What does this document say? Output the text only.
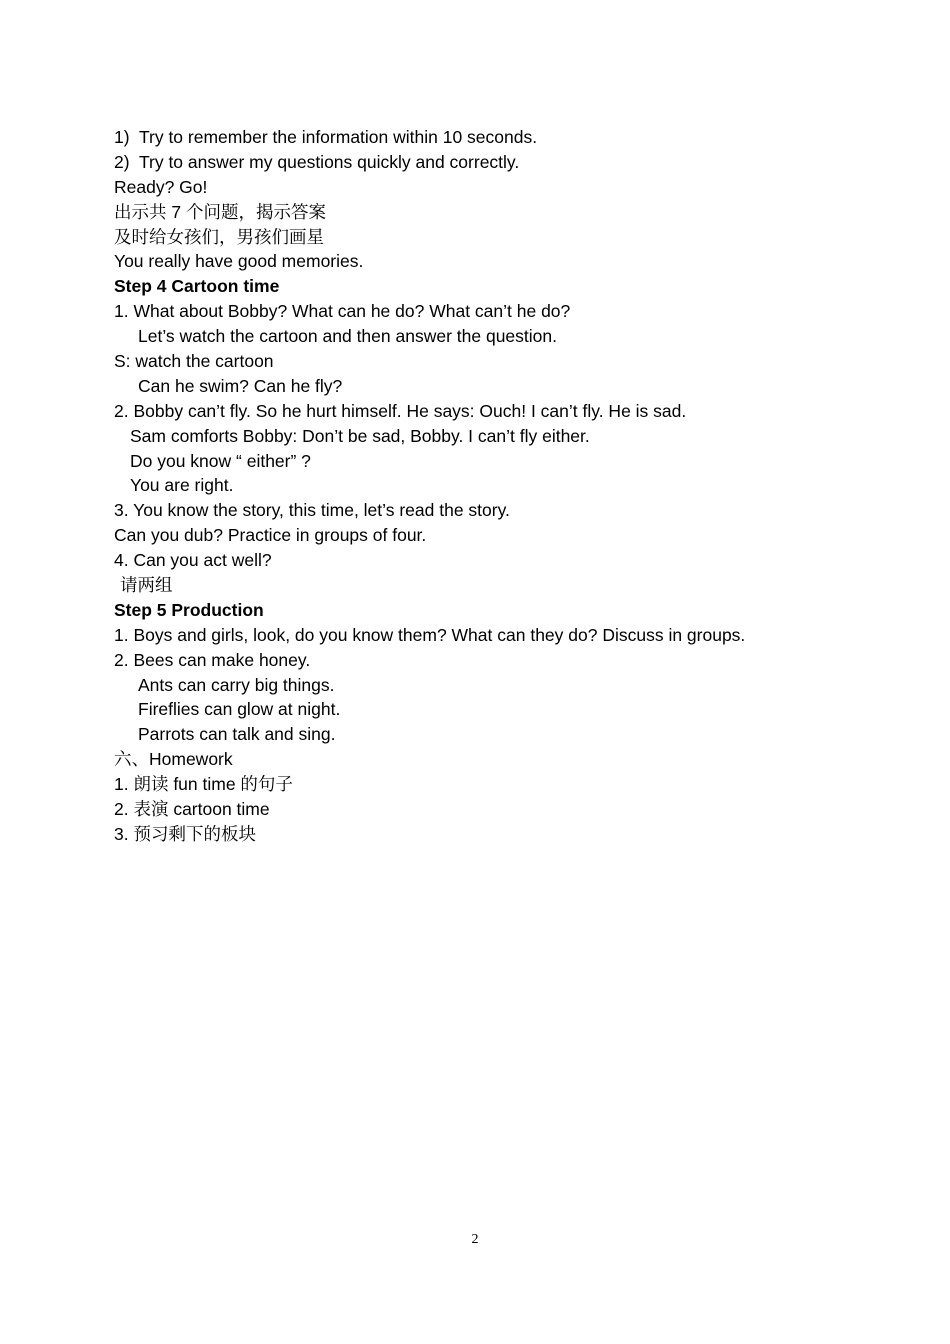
1)  Try to remember the information within 10 seconds.
2)  Try to answer my questions quickly and correctly.
Ready? Go!
出示共 7 个问题，揭示答案
及时给女孩们，男孩们画星
You really have good memories.
Step 4 Cartoon time
1. What about Bobby? What can he do? What can’t he do?
Let’s watch the cartoon and then answer the question.
S: watch the cartoon
Can he swim? Can he fly?
2. Bobby can’t fly. So he hurt himself. He says: Ouch! I can’t fly. He is sad.
Sam comforts Bobby: Don’t be sad, Bobby. I can’t fly either.
Do you know “ either” ?
You are right.
3. You know the story, this time, let’s read the story.
Can you dub? Practice in groups of four.
4. Can you act well?
请两组
Step 5 Production
1. Boys and girls, look, do you know them? What can they do? Discuss in groups.
2. Bees can make honey.
Ants can carry big things.
Fireflies can glow at night.
Parrots can talk and sing.
六、Homework
1. 朗读 fun time 的句子
2. 表演 cartoon time
3. 预习剩下的板块
2
